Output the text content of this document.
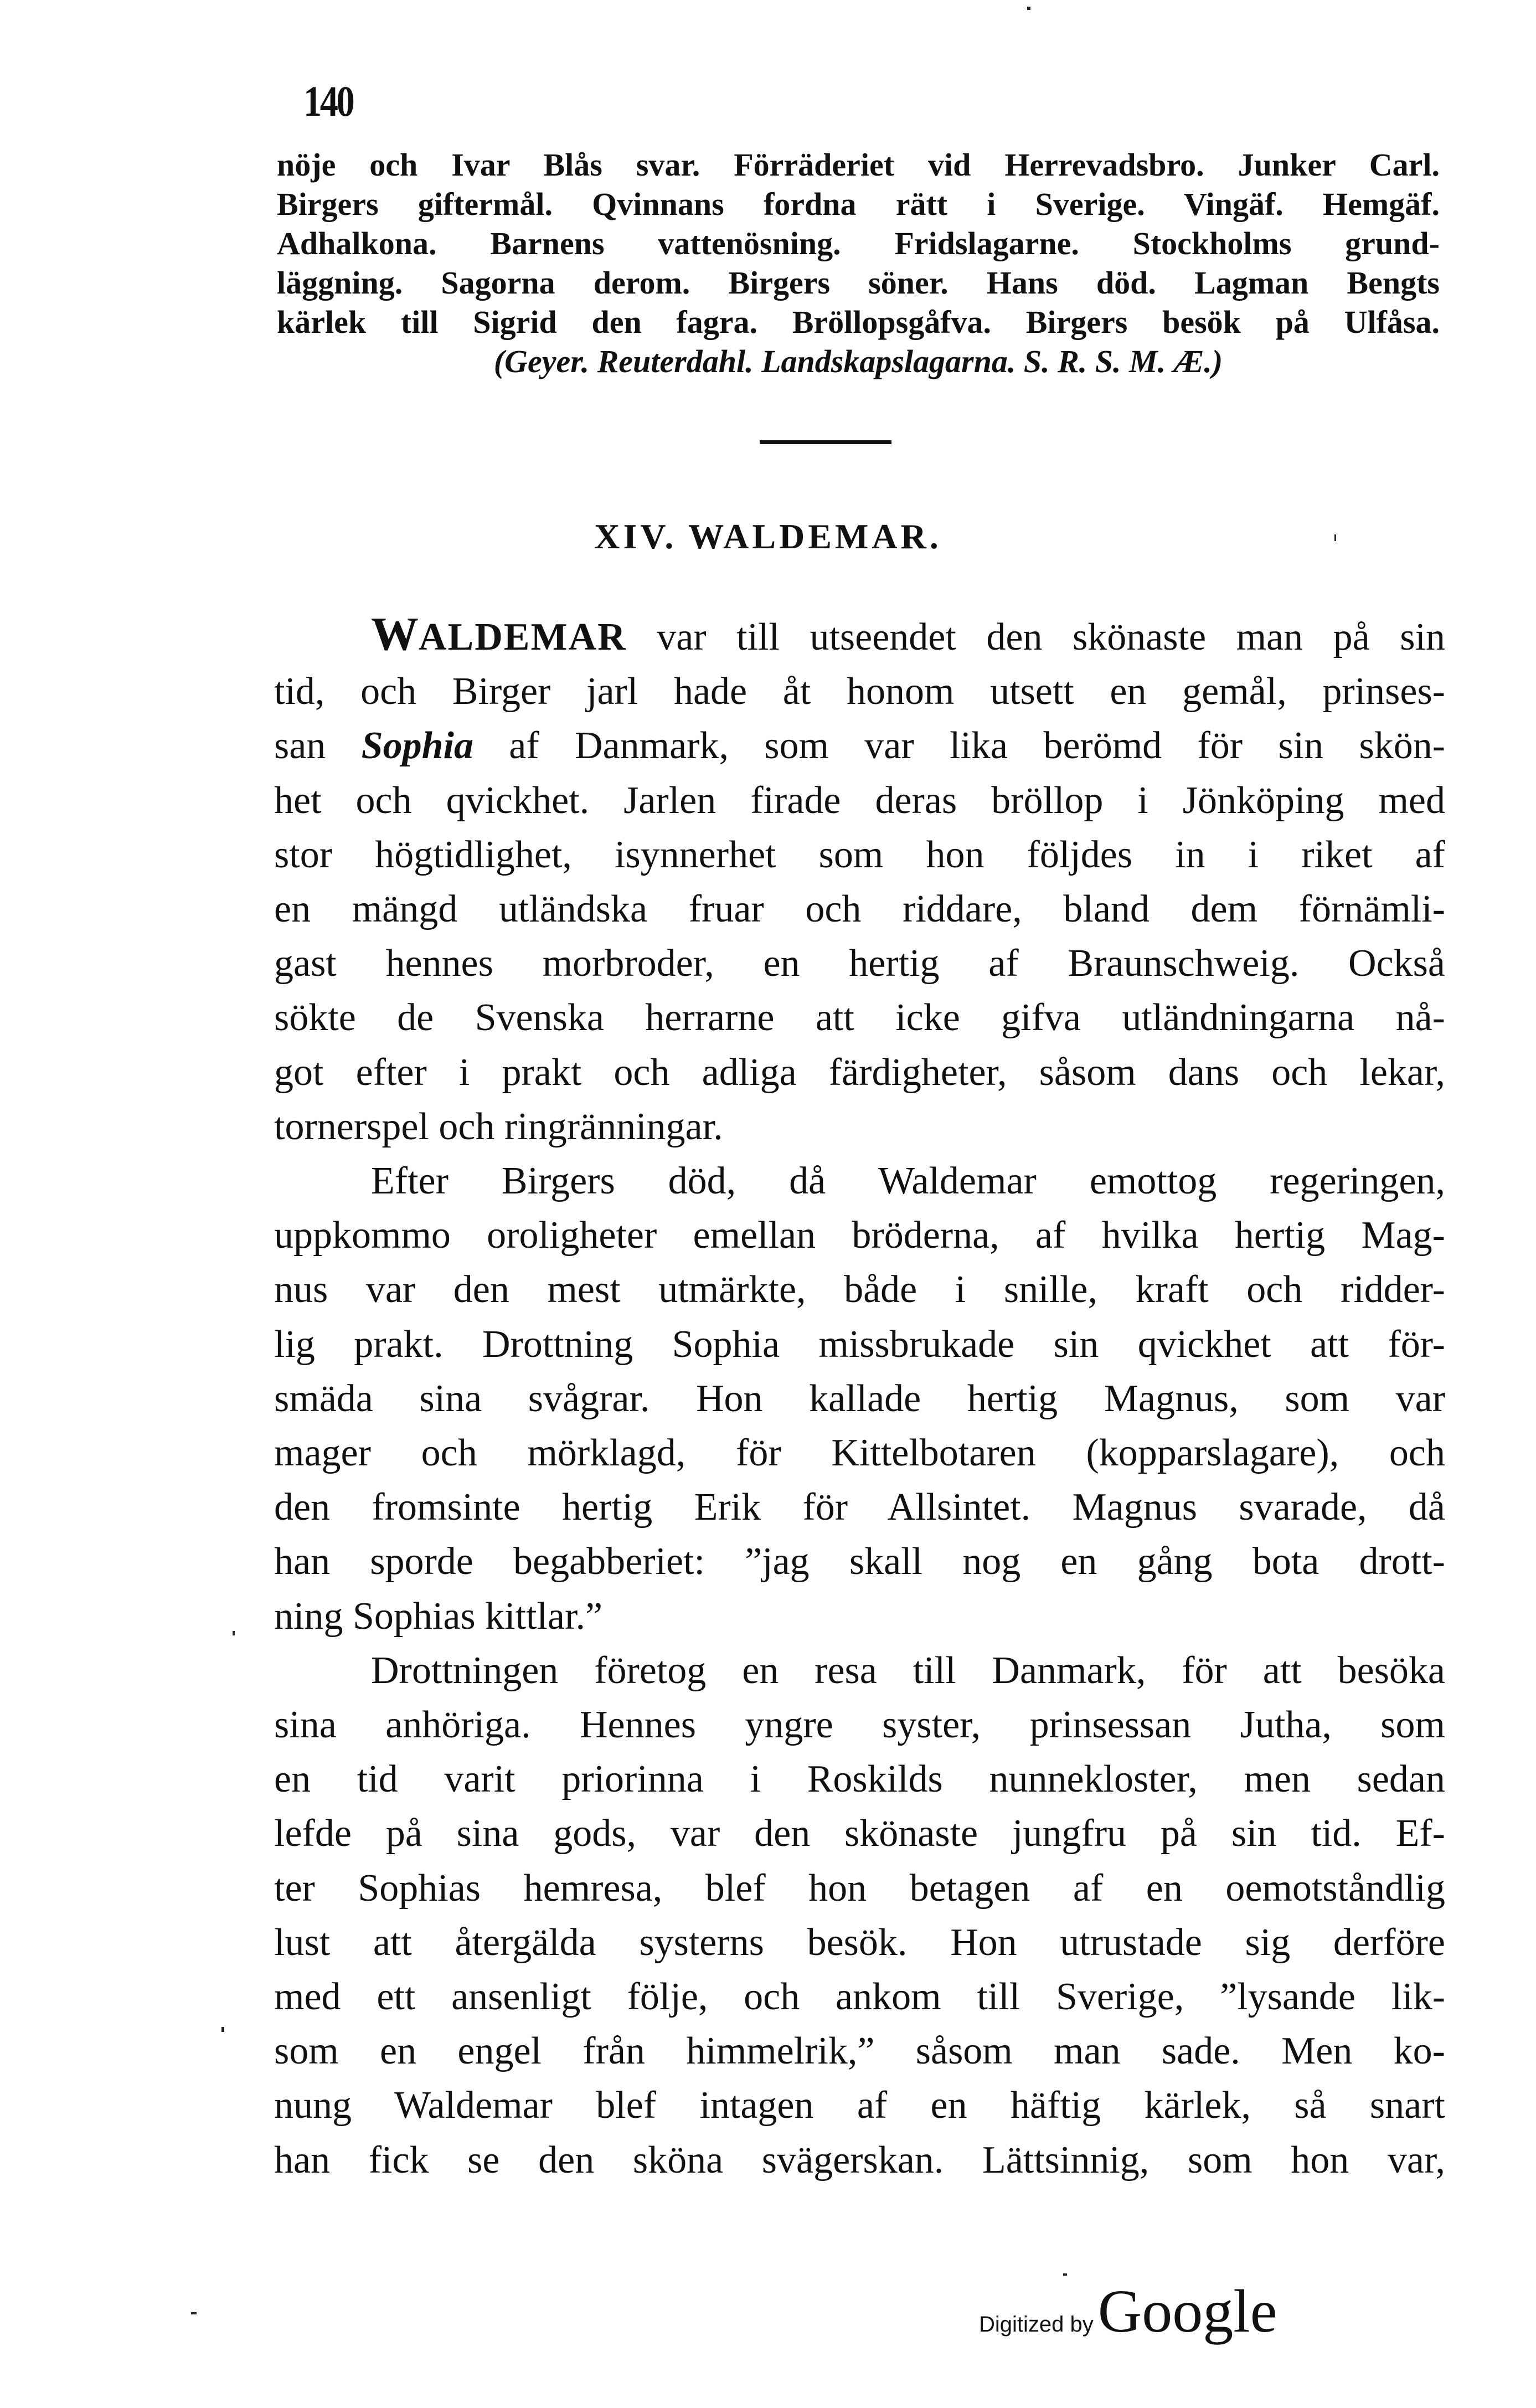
140
nöje och Ivar Blås svar. Förräderiet vid Herrevadsbro. Junker Carl.
Birgers giftermål. Qvinnans fordna rätt i Sverige. Vingäf. Hemgäf.
Adhalkona. Barnens vattenösning. Fridslagarne. Stockholms grund-
läggning. Sagorna derom. Birgers söner. Hans död. Lagman Bengts
kärlek till Sigrid den fagra. Bröllopsgåfva. Birgers besök på Ulfåsa.
(Geyer. Reuterdahl. Landskapslagarna. S. R. S. M. Æ.)
XIV. WALDEMAR.
WALDEMAR var till utseendet den skönaste man på sin
tid, och Birger jarl hade åt honom utsett en gemål, prinses-
san Sophia af Danmark, som var lika berömd för sin skön-
het och qvickhet. Jarlen firade deras bröllop i Jönköping med
stor högtidlighet, isynnerhet som hon följdes in i riket af
en mängd utländska fruar och riddare, bland dem förnämli-
gast hennes morbroder, en hertig af Braunschweig. Också
sökte de Svenska herrarne att icke gifva utländningarna nå-
got efter i prakt och adliga färdigheter, såsom dans och lekar,
tornerspel och ringränningar.
Efter Birgers död, då Waldemar emottog regeringen,
uppkommo oroligheter emellan bröderna, af hvilka hertig Mag-
nus var den mest utmärkte, både i snille, kraft och ridder-
lig prakt. Drottning Sophia missbrukade sin qvickhet att för-
smäda sina svågrar. Hon kallade hertig Magnus, som var
mager och mörklagd, för Kittelbotaren (kopparslagare), och
den fromsinte hertig Erik för Allsintet. Magnus svarade, då
han sporde begabberiet: ”jag skall nog en gång bota drott-
ning Sophias kittlar.”
Drottningen företog en resa till Danmark, för att besöka
sina anhöriga. Hennes yngre syster, prinsessan Jutha, som
en tid varit priorinna i Roskilds nunnekloster, men sedan
lefde på sina gods, var den skönaste jungfru på sin tid. Ef-
ter Sophias hemresa, blef hon betagen af en oemotståndlig
lust att återgälda systerns besök. Hon utrustade sig derföre
med ett ansenligt följe, och ankom till Sverige, ”lysande lik-
som en engel från himmelrik,” såsom man sade. Men ko-
nung Waldemar blef intagen af en häftig kärlek, så snart
han fick se den sköna svägerskan. Lättsinnig, som hon var,
Digitized by Google
